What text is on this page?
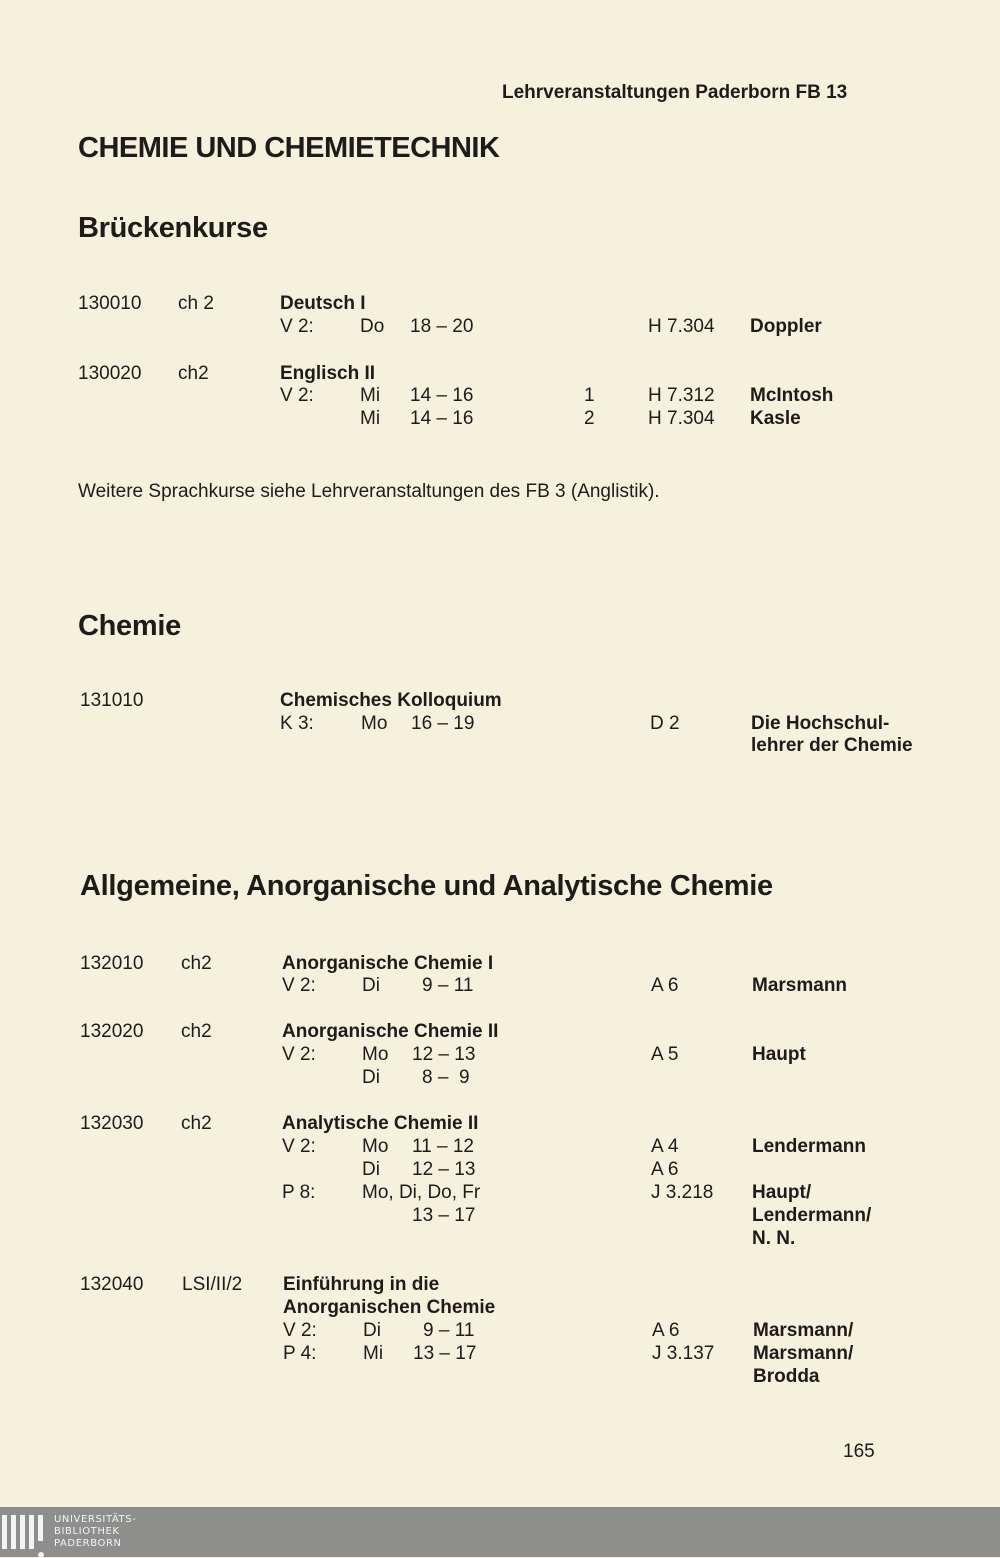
Lehrveranstaltungen Paderborn FB 13
CHEMIE UND CHEMIETECHNIK
Brückenkurse
130010 ch 2	Deutsch I
V 2: Do 18 – 20	H 7.304 Doppler
130020 ch2	Englisch II
V 2: Mi 14 – 16	1	H 7.312 McIntosh
Mi 14 – 16	2	H 7.304 Kasle
Weitere Sprachkurse siehe Lehrveranstaltungen des FB 3 (Anglistik).
Chemie
131010	Chemisches Kolloquium
K 3: Mo 16 – 19	D 2	Die Hochschul-
lehrer der Chemie
Allgemeine, Anorganische und Analytische Chemie
132010 ch2	Anorganische Chemie I
V 2: Di 9 – 11	A 6	Marsmann
132020 ch2	Anorganische Chemie II
V 2: Mo 12 – 13	A 5	Haupt
Di 8 –  9
132030 ch2	Analytische Chemie II
V 2: Mo 11 – 12	A 4	Lendermann
Di 12 – 13	A 6
P 8: Mo, Di, Do, Fr	J 3.218 Haupt/
13 – 17	Lendermann/
N. N.
132040 LSI/II/2 Einführung in die
Anorganischen Chemie
V 2: Di 9 – 11	A 6	Marsmann/
P 4: Mi 13 – 17	J 3.137 Marsmann/
Brodda
165
UNIVERSITÄTS-
BIBLIOTHEK
PADERBORN
